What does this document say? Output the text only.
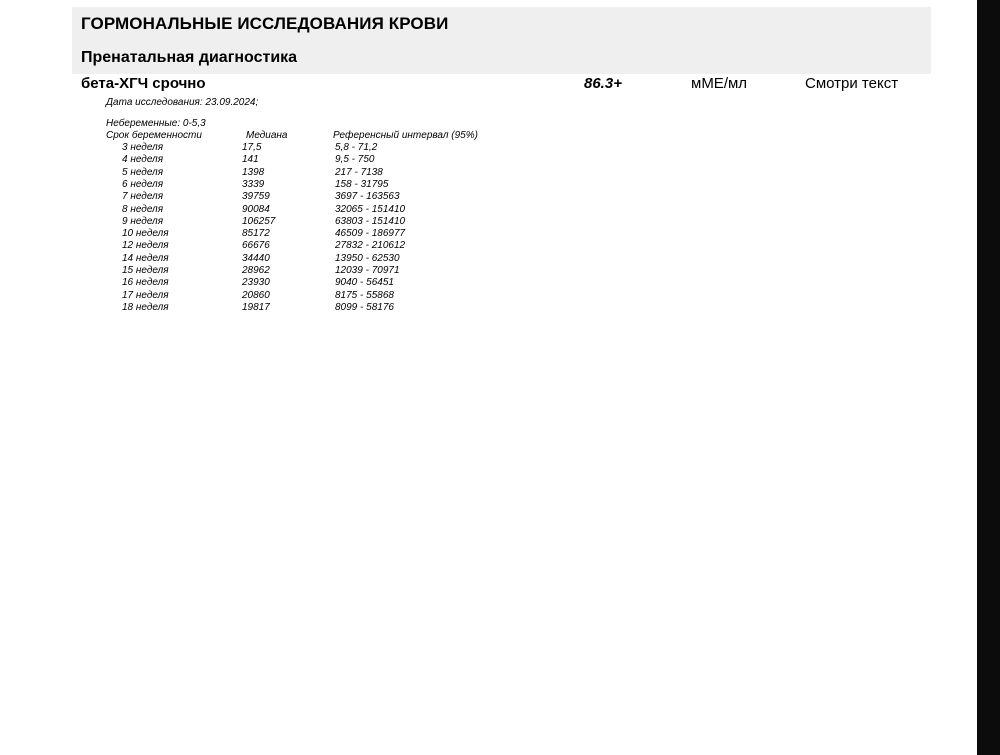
ГОРМОНАЛЬНЫЕ ИССЛЕДОВАНИЯ КРОВИ
Пренатальная диагностика
бета-ХГЧ срочно	86.3+	мМЕ/мл	Смотри текст
Дата исследования: 23.09.2024;
Небеременные: 0-5,3
Срок беременности	Медиана	Референсный интервал (95%)
3 неделя	17,5	5,8 - 71,2
4 неделя	141	9,5 - 750
5 неделя	1398	217 - 7138
6 неделя	3339	158 - 31795
7 неделя	39759	3697 - 163563
8 неделя	90084	32065 - 151410
9 неделя	106257	63803 - 151410
10 неделя	85172	46509 - 186977
12 неделя	66676	27832 - 210612
14 неделя	34440	13950 - 62530
15 неделя	28962	12039 - 70971
16 неделя	23930	9040 - 56451
17 неделя	20860	8175 - 55868
18 неделя	19817	8099 - 58176
